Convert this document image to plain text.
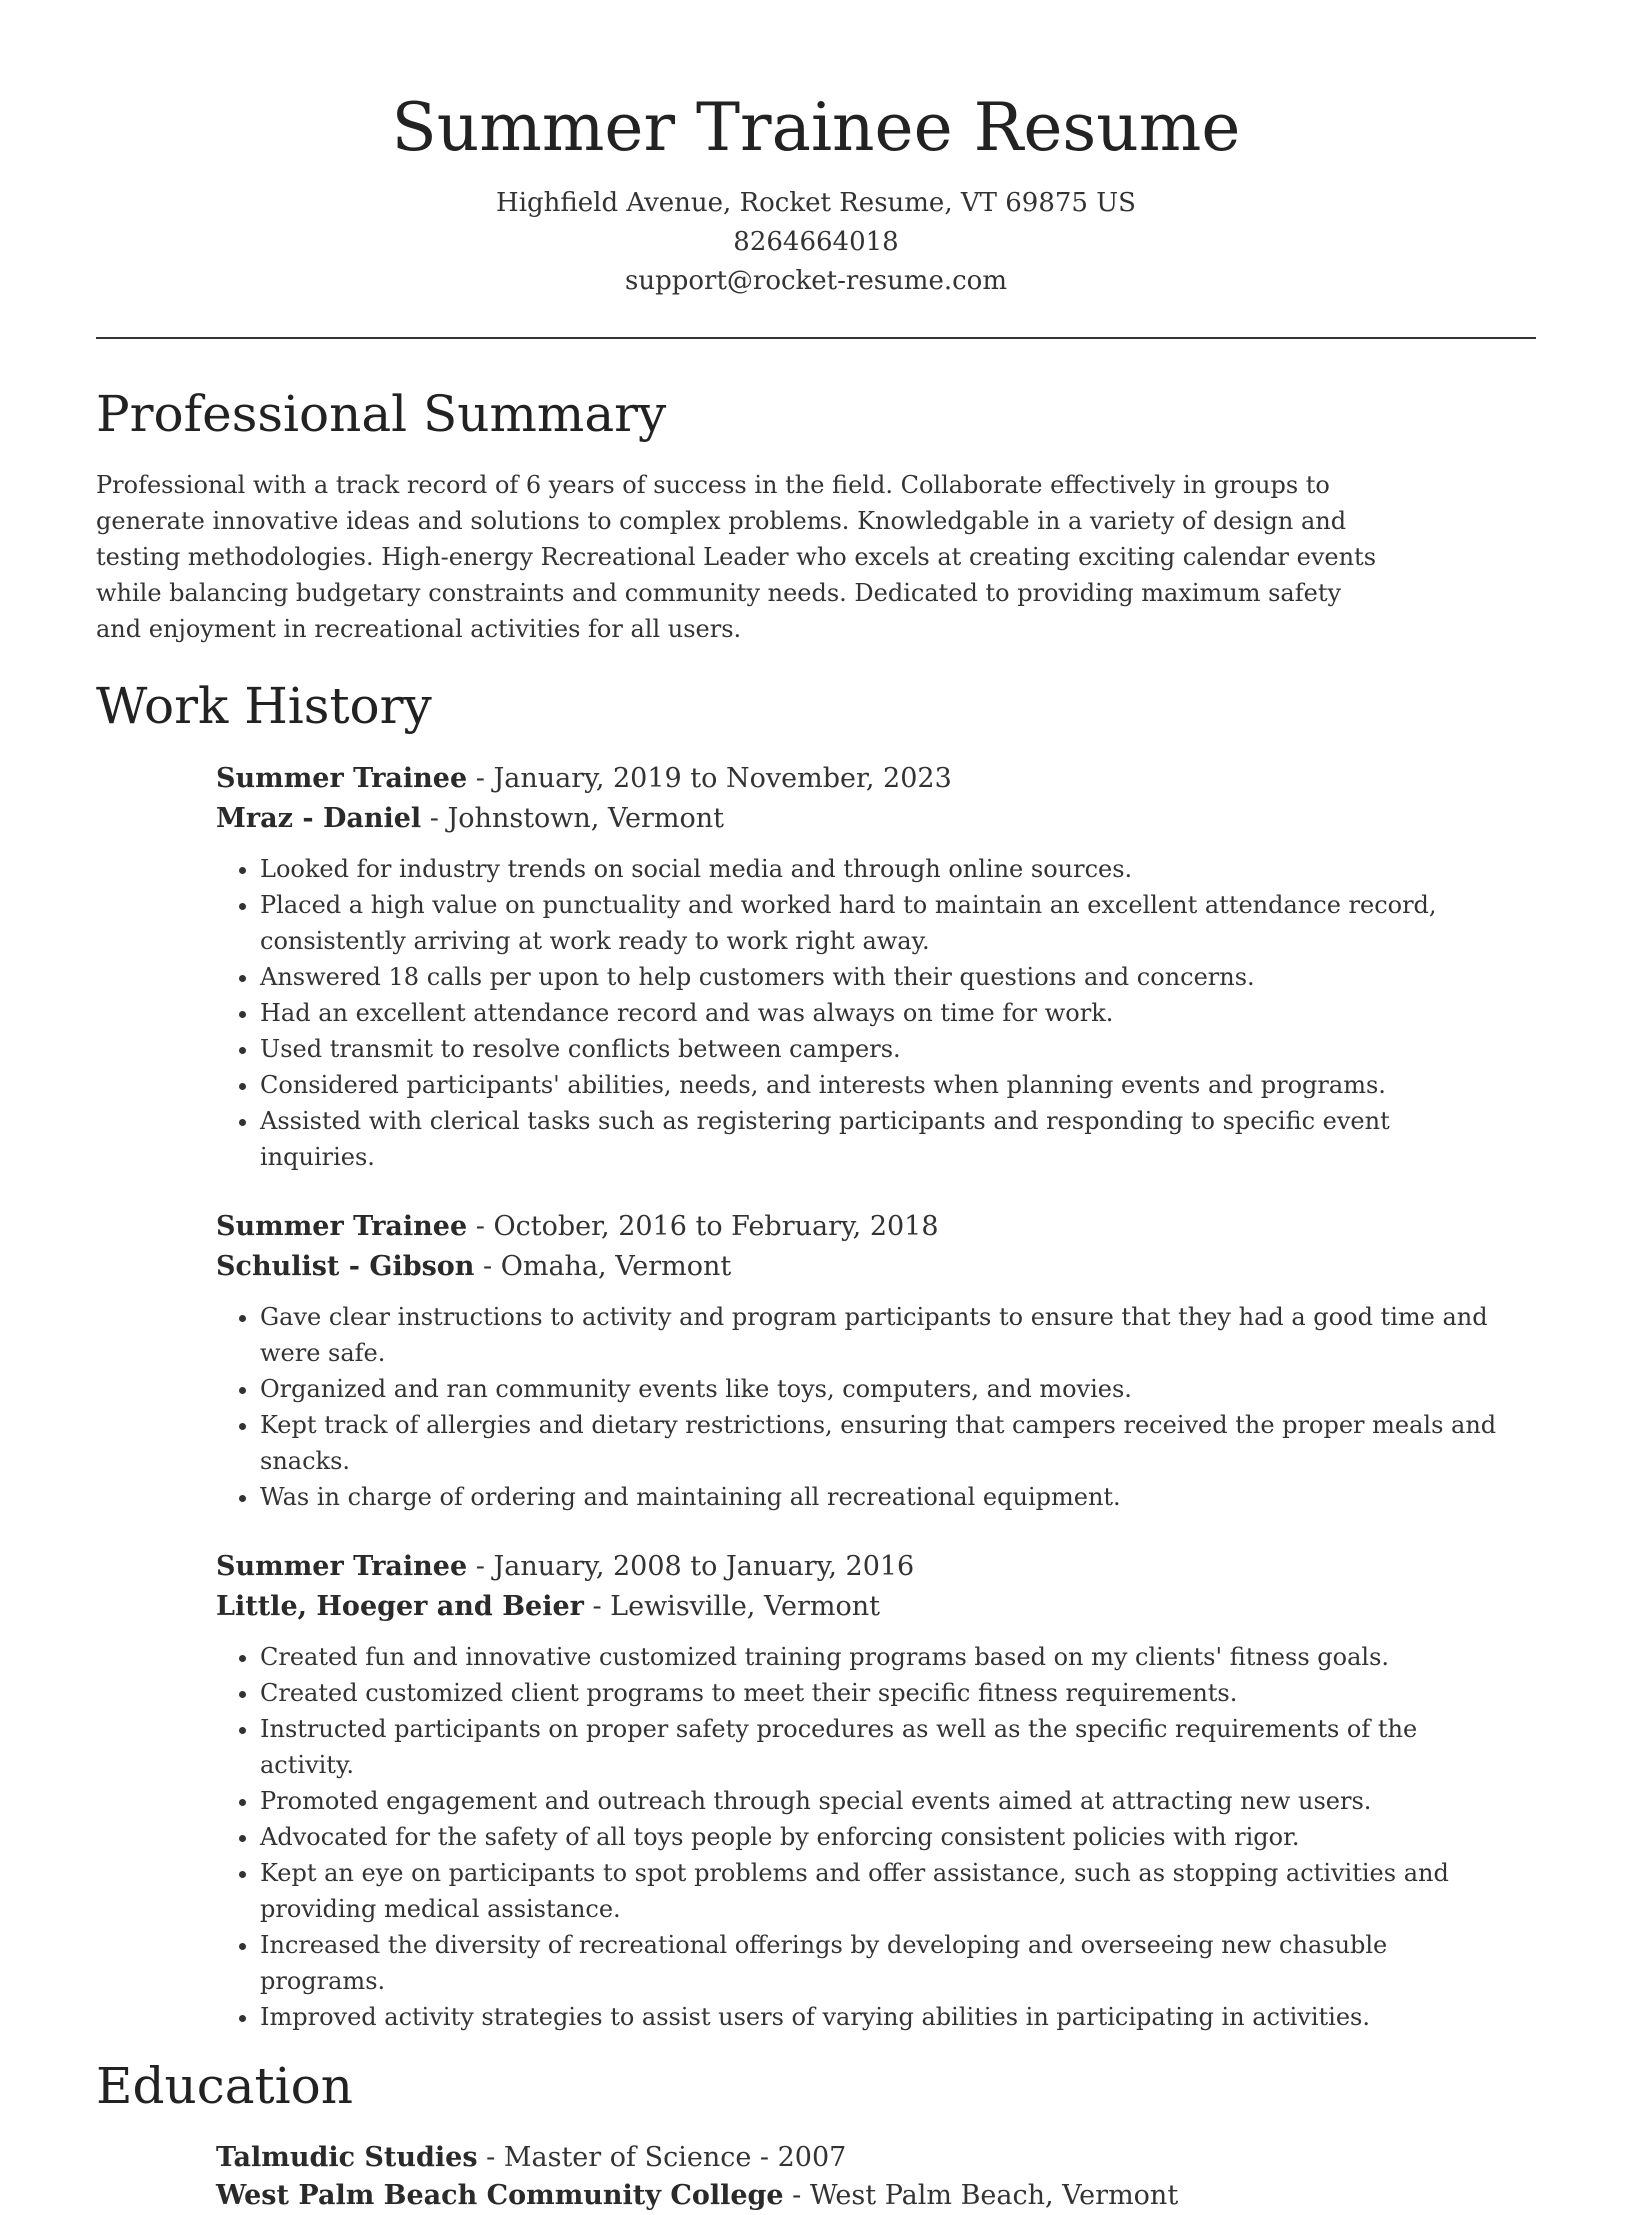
Summer Trainee Resume
Highfield Avenue, Rocket Resume, VT 69875 US
8264664018
support@rocket-resume.com
Professional Summary

Professional with a track record of 6 years of success in the field. Collaborate effectively in groups to generate innovative ideas and solutions to complex problems. Knowledgable in a variety of design and testing methodologies. High-energy Recreational Leader who excels at creating exciting calendar events while balancing budgetary constraints and community needs. Dedicated to providing maximum safety and enjoyment in recreational activities for all users.

Work History
Summer Trainee - January, 2019 to November, 2023
Mraz - Daniel - Johnstown, Vermont
• Looked for industry trends on social media and through online sources.
• Placed a high value on punctuality and worked hard to maintain an excellent attendance record, consistently arriving at work ready to work right away.
• Answered 18 calls per upon to help customers with their questions and concerns.
• Had an excellent attendance record and was always on time for work.
• Used transmit to resolve conflicts between campers.
• Considered participants' abilities, needs, and interests when planning events and programs.
• Assisted with clerical tasks such as registering participants and responding to specific event inquiries.
Summer Trainee - October, 2016 to February, 2018
Schulist - Gibson - Omaha, Vermont
• Gave clear instructions to activity and program participants to ensure that they had a good time and were safe.
• Organized and ran community events like toys, computers, and movies.
• Kept track of allergies and dietary restrictions, ensuring that campers received the proper meals and snacks.
• Was in charge of ordering and maintaining all recreational equipment.
Summer Trainee - January, 2008 to January, 2016
Little, Hoeger and Beier - Lewisville, Vermont
• Created fun and innovative customized training programs based on my clients' fitness goals.
• Created customized client programs to meet their specific fitness requirements.
• Instructed participants on proper safety procedures as well as the specific requirements of the activity.
• Promoted engagement and outreach through special events aimed at attracting new users.
• Advocated for the safety of all toys people by enforcing consistent policies with rigor.
• Kept an eye on participants to spot problems and offer assistance, such as stopping activities and providing medical assistance.
• Increased the diversity of recreational offerings by developing and overseeing new chasuble programs.
• Improved activity strategies to assist users of varying abilities in participating in activities.
Education
Talmudic Studies - Master of Science - 2007
West Palm Beach Community College - West Palm Beach, Vermont
